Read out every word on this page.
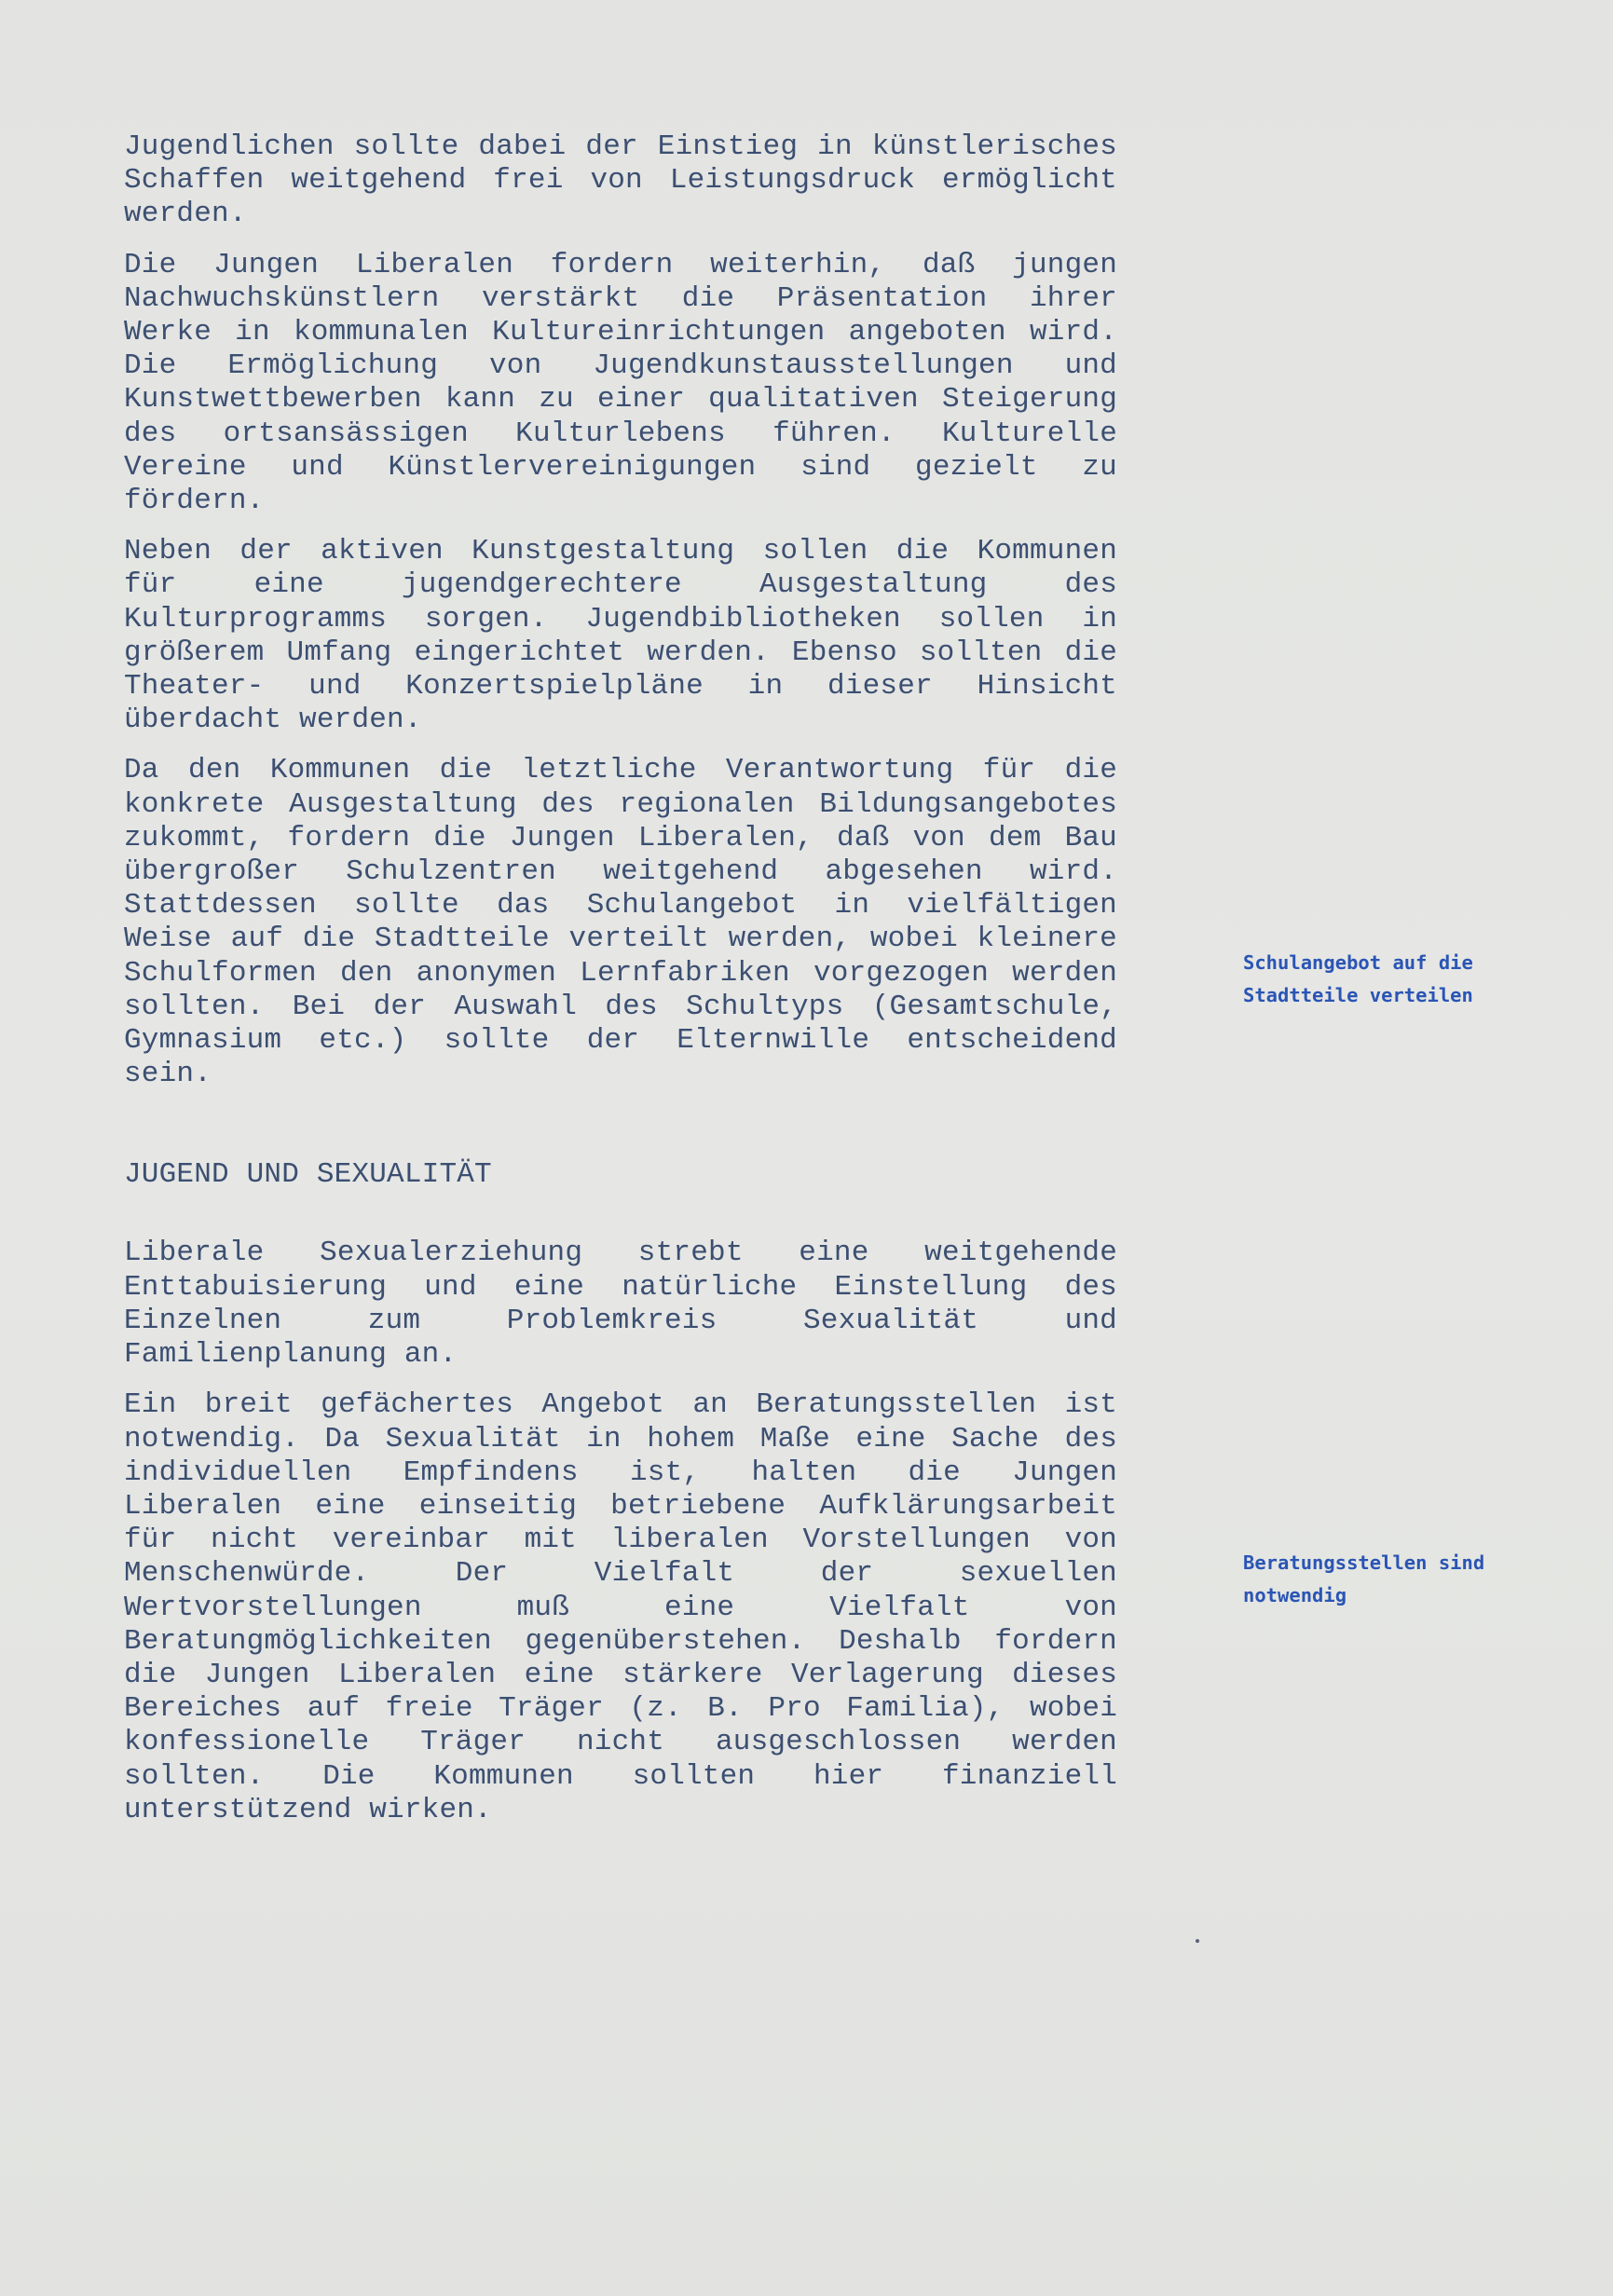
Jugendlichen sollte dabei der Einstieg in künstlerisches Schaffen weitgehend frei von Leistungsdruck ermöglicht werden.

Die Jungen Liberalen fordern weiterhin, daß jungen Nachwuchskünstlern verstärkt die Präsentation ihrer Werke in kommunalen Kultureinrichtungen angeboten wird. Die Ermöglichung von Jugendkunstausstellungen und Kunstwettbewerben kann zu einer qualitativen Steigerung des ortsansässigen Kulturlebens führen. Kulturelle Vereine und Künstlervereinigungen sind gezielt zu fördern.

Neben der aktiven Kunstgestaltung sollen die Kommunen für eine jugendgerechtere Ausgestaltung des Kulturprogramms sorgen. Jugendbibliotheken sollen in größerem Umfang eingerichtet werden. Ebenso sollten die Theater- und Konzertspielpläne in dieser Hinsicht überdacht werden.

Da den Kommunen die letztliche Verantwortung für die konkrete Ausgestaltung des regionalen Bildungsangebotes zukommt, fordern die Jungen Liberalen, daß von dem Bau übergroßer Schulzentren weitgehend abgesehen wird. Stattdessen sollte das Schulangebot in vielfältigen Weise auf die Stadtteile verteilt werden, wobei kleinere Schulformen den anonymen Lernfabriken vorgezogen werden sollten. Bei der Auswahl des Schultyps (Gesamtschule, Gymnasium etc.) sollte der Elternwille entscheidend sein.

JUGEND UND SEXUALITÄT

Liberale Sexualerziehung strebt eine weitgehende Enttabuisierung und eine natürliche Einstellung des Einzelnen zum Problemkreis Sexualität und Familienplanung an.

Ein breit gefächertes Angebot an Beratungsstellen ist notwendig. Da Sexualität in hohem Maße eine Sache des individuellen Empfindens ist, halten die Jungen Liberalen eine einseitig betriebene Aufklärungsarbeit für nicht vereinbar mit liberalen Vorstellungen von Menschenwürde. Der Vielfalt der sexuellen Wertvorstellungen muß eine Vielfalt von Beratungmöglichkeiten gegenüberstehen. Deshalb fordern die Jungen Liberalen eine stärkere Verlagerung dieses Bereiches auf freie Träger (z. B. Pro Familia), wobei konfessionelle Träger nicht ausgeschlossen werden sollten. Die Kommunen sollten hier finanziell unterstützend wirken.

Schulangebot auf die Stadtteile verteilen
Beratungsstellen sind notwendig
